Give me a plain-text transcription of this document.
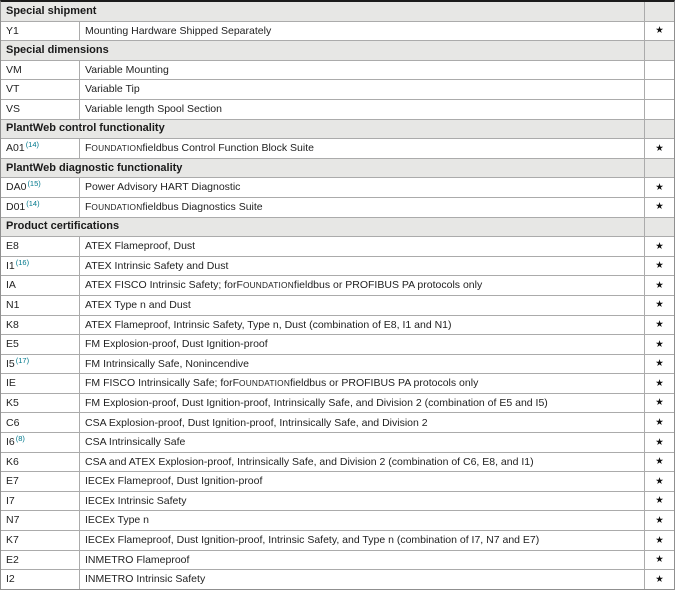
Special shipment
Y1	Mounting Hardware Shipped Separately	★
Special dimensions
VM	Variable Mounting
VT	Variable Tip
VS	Variable length Spool Section
PlantWeb control functionality
A01 (14)	FOUNDATION fieldbus Control Function Block Suite	★
PlantWeb diagnostic functionality
DA0 (15)	Power Advisory HART Diagnostic	★
D01 (14)	FOUNDATION fieldbus Diagnostics Suite	★
Product certifications
E8	ATEX Flameproof, Dust	★
I1 (16)	ATEX Intrinsic Safety and Dust	★
IA	ATEX FISCO Intrinsic Safety; for FOUNDATION fieldbus or PROFIBUS PA protocols only	★
N1	ATEX Type n and Dust	★
K8	ATEX Flameproof, Intrinsic Safety, Type n, Dust (combination of E8, I1 and N1)	★
E5	FM Explosion-proof, Dust Ignition-proof	★
I5 (17)	FM Intrinsically Safe, Nonincendive	★
IE	FM FISCO Intrinsically Safe; for FOUNDATION fieldbus or PROFIBUS PA protocols only	★
K5	FM Explosion-proof, Dust Ignition-proof, Intrinsically Safe, and Division 2 (combination of E5 and I5)	★
C6	CSA Explosion-proof, Dust Ignition-proof, Intrinsically Safe, and Division 2	★
I6 (8)	CSA Intrinsically Safe	★
K6	CSA and ATEX Explosion-proof, Intrinsically Safe, and Division 2 (combination of C6, E8, and I1)	★
E7	IECEx Flameproof, Dust Ignition-proof	★
I7	IECEx Intrinsic Safety	★
N7	IECEx Type n	★
K7	IECEx Flameproof, Dust Ignition-proof, Intrinsic Safety, and Type n (combination of I7, N7 and E7)	★
E2	INMETRO Flameproof	★
I2	INMETRO Intrinsic Safety	★
